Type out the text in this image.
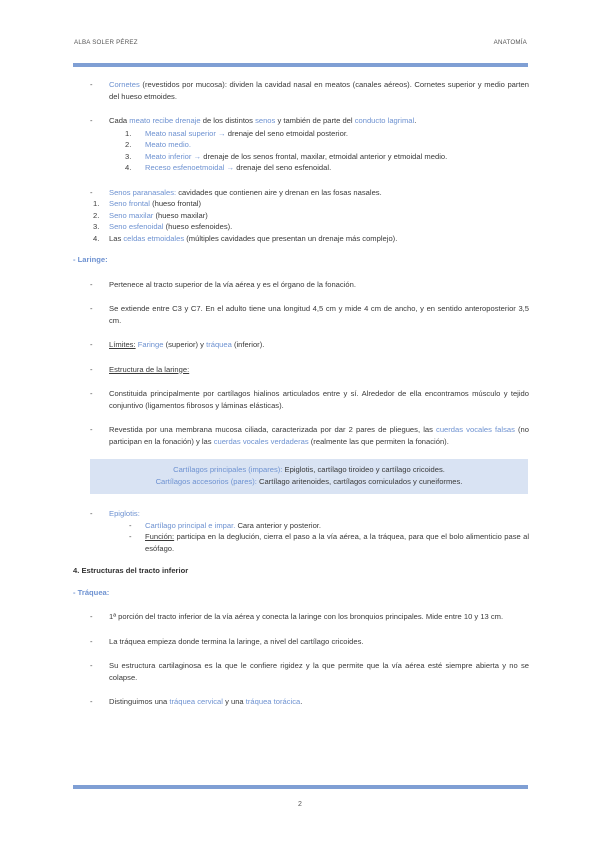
ALBA SOLER PÉREZ	ANATOMÍA
- Cornetes (revestidos por mucosa): dividen la cavidad nasal en meatos (canales aéreos). Cornetes superior y medio parten del hueso etmoides.
- Cada meato recibe drenaje de los distintos senos y también de parte del conducto lagrimal.
1. Meato nasal superior → drenaje del seno etmoidal posterior.
2. Meato medio.
3. Meato inferior → drenaje de los senos frontal, maxilar, etmoidal anterior y etmoidal medio.
4. Receso esfenoetmoidal → drenaje del seno esfenoidal.
- Senos paranasales: cavidades que contienen aire y drenan en las fosas nasales.
1. Seno frontal (hueso frontal)
2. Seno maxilar (hueso maxilar)
3. Seno esfenoidal (hueso esfenoides).
4. Las celdas etmoidales (múltiples cavidades que presentan un drenaje más complejo).
- Laringe:
- Pertenece al tracto superior de la vía aérea y es el órgano de la fonación.
- Se extiende entre C3 y C7. En el adulto tiene una longitud 4,5 cm y mide 4 cm de ancho, y en sentido anteroposterior 3,5 cm.
- Límites: Faringe (superior) y tráquea (inferior).
- Estructura de la laringe:
- Constituida principalmente por cartílagos hialinos articulados entre y sí. Alrededor de ella encontramos músculo y tejido conjuntivo (ligamentos fibrosos y láminas elásticas).
- Revestida por una membrana mucosa ciliada, caracterizada por dar 2 pares de pliegues, las cuerdas vocales falsas (no participan en la fonación) y las cuerdas vocales verdaderas (realmente las que permiten la fonación).
Cartílagos principales (impares): Epiglotis, cartílago tiroideo y cartílago cricoides.
Cartílagos accesorios (pares): Cartílago aritenoides, cartílagos corniculados y cuneiformes.
- Epiglotis:
- Cartílago principal e impar. Cara anterior y posterior.
- Función: participa en la deglución, cierra el paso a la vía aérea, a la tráquea, para que el bolo alimenticio pase al esófago.
4. Estructuras del tracto inferior
- Tráquea:
- 1ª porción del tracto inferior de la vía aérea y conecta la laringe con los bronquios principales. Mide entre 10 y 13 cm.
- La tráquea empieza donde termina la laringe, a nivel del cartílago cricoides.
- Su estructura cartilaginosa es la que le confiere rigidez y la que permite que la vía aérea esté siempre abierta y no se colapse.
- Distinguimos una tráquea cervical y una tráquea torácica.
2
